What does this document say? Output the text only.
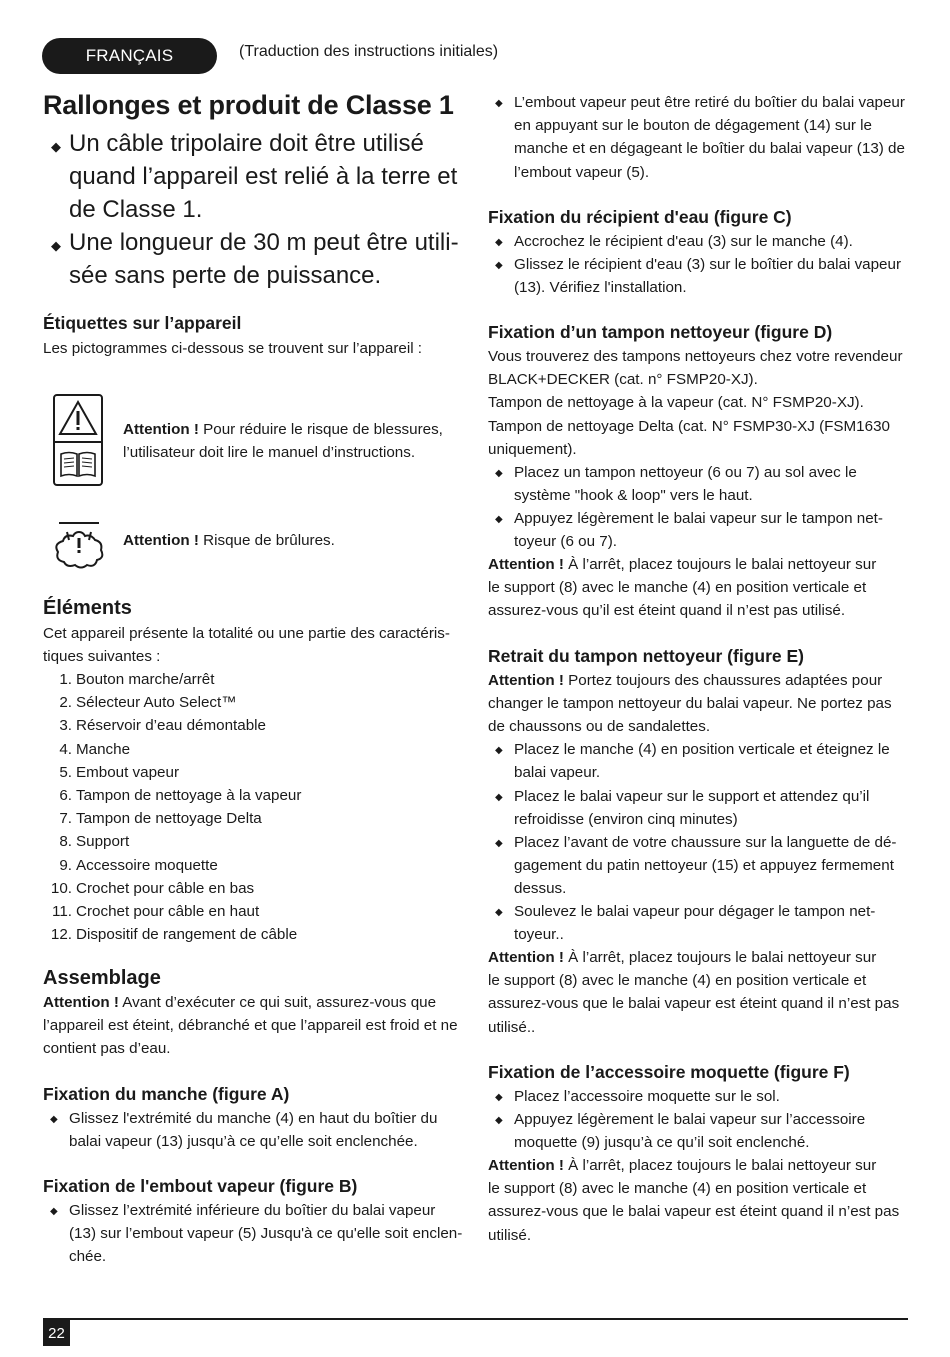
FRANÇAIS	(Traduction des instructions initiales)
Rallonges et produit de Classe 1
◆ Un câble tripolaire doit être utilisé
quand l’appareil est relié à la terre et
de Classe 1.
◆ Une longueur de 30 m peut être utili-
sée sans perte de puissance.
Étiquettes sur l’appareil
Les pictogrammes ci-dessous se trouvent sur l’appareil :
Attention ! Pour réduire le risque de blessures,
l’utilisateur doit lire le manuel d’instructions.
Attention ! Risque de brûlures.
Éléments
Cet appareil présente la totalité ou une partie des caractéris-
tiques suivantes :
1. Bouton marche/arrêt
2. Sélecteur Auto Select™
3. Réservoir d’eau démontable
4. Manche
5. Embout vapeur
6. Tampon de nettoyage à la vapeur
7. Tampon de nettoyage Delta
8. Support
9. Accessoire moquette
10. Crochet pour câble en bas
11. Crochet pour câble en haut
12. Dispositif de rangement de câble
Assemblage
Attention ! Avant d’exécuter ce qui suit, assurez-vous que
l’appareil est éteint, débranché et que l’appareil est froid et ne
contient pas d’eau.
Fixation du manche (figure A)
◆ Glissez l'extrémité du manche (4) en haut du boîtier du
balai vapeur (13) jusqu’à ce qu’elle soit enclenchée.
Fixation de l'embout vapeur (figure B)
◆ Glissez l’extrémité inférieure du boîtier du balai vapeur
(13) sur l’embout vapeur (5) Jusqu'à ce qu'elle soit enclen-
chée.
◆ L’embout vapeur peut être retiré du boîtier du balai vapeur
en appuyant sur le bouton de dégagement (14) sur le
manche et en dégageant le boîtier du balai vapeur (13) de
l’embout vapeur (5).
Fixation du récipient d'eau (figure C)
◆ Accrochez le récipient d'eau (3) sur le manche (4).
◆ Glissez le récipient d'eau (3) sur le boîtier du balai vapeur
(13). Vérifiez l'installation.
Fixation d’un tampon nettoyeur (figure D)
Vous trouverez des tampons nettoyeurs chez votre revendeur
BLACK+DECKER (cat. n° FSMP20-XJ).
Tampon de nettoyage à la vapeur (cat. N° FSMP20-XJ).
Tampon de nettoyage Delta (cat. N° FSMP30-XJ (FSM1630
uniquement).
◆ Placez un tampon nettoyeur (6 ou 7) au sol avec le
système "hook & loop" vers le haut.
◆ Appuyez légèrement le balai vapeur sur le tampon net-
toyeur (6 ou 7).
Attention ! À l’arrêt, placez toujours le balai nettoyeur sur
le support (8) avec le manche (4) en position verticale et
assurez-vous qu’il est éteint quand il n’est pas utilisé.
Retrait du tampon nettoyeur (figure E)
Attention ! Portez toujours des chaussures adaptées pour
changer le tampon nettoyeur du balai vapeur. Ne portez pas
de chaussons ou de sandalettes.
◆ Placez le manche (4) en position verticale et éteignez le
balai vapeur.
◆ Placez le balai vapeur sur le support et attendez qu’il
refroidisse (environ cinq minutes)
◆ Placez l’avant de votre chaussure sur la languette de dé-
gagement du patin nettoyeur (15) et appuyez fermement
dessus.
◆ Soulevez le balai vapeur pour dégager le tampon net-
toyeur..
Attention ! À l’arrêt, placez toujours le balai nettoyeur sur
le support (8) avec le manche (4) en position verticale et
assurez-vous que le balai vapeur est éteint quand il n’est pas
utilisé..
Fixation de l’accessoire moquette (figure F)
◆ Placez l’accessoire moquette sur le sol.
◆ Appuyez légèrement le balai vapeur sur l’accessoire
moquette (9) jusqu’à ce qu’il soit enclenché.
Attention ! À l’arrêt, placez toujours le balai nettoyeur sur
le support (8) avec le manche (4) en position verticale et
assurez-vous que le balai vapeur est éteint quand il n’est pas
utilisé.
22
